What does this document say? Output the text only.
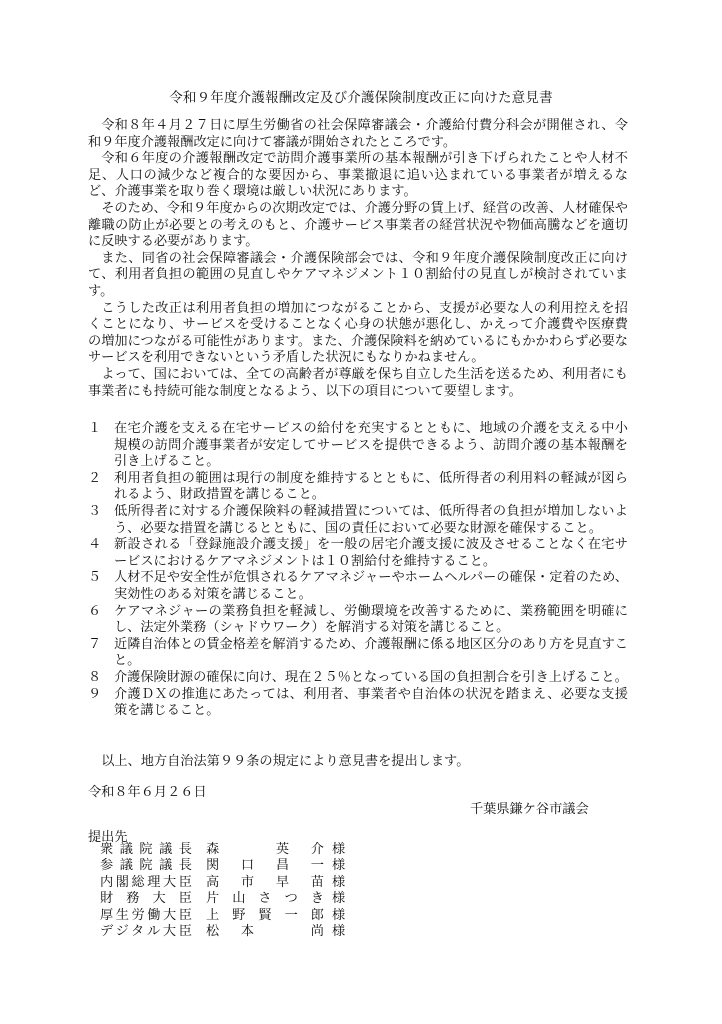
令和９年度介護報酬改定及び介護保険制度改正に向けた意見書

令和８年４月２７日に厚生労働省の社会保障審議会・介護給付費分科会が開催され、令和９年度介護報酬改定に向けて審議が開始されたところです。

令和６年度の介護報酬改定で訪問介護事業所の基本報酬が引き下げられたことや人材不足、人口の減少など複合的な要因から、事業撤退に追い込まれている事業者が増えるなど、介護事業を取り巻く環境は厳しい状況にあります。

そのため、令和９年度からの次期改定では、介護分野の賃上げ、経営の改善、人材確保や離職の防止が必要との考えのもと、介護サービス事業者の経営状況や物価高騰などを適切に反映する必要があります。

また、同省の社会保障審議会・介護保険部会では、令和９年度介護保険制度改正に向けて、利用者負担の範囲の見直しやケアマネジメント１０割給付の見直しが検討されています。

こうした改正は利用者負担の増加につながることから、支援が必要な人の利用控えを招くことになり、サービスを受けることなく心身の状態が悪化し、かえって介護費や医療費の増加につながる可能性があります。また、介護保険料を納めているにもかかわらず必要なサービスを利用できないという矛盾した状況にもなりかねません。

よって、国においては、全ての高齢者が尊厳を保ち自立した生活を送るため、利用者にも事業者にも持続可能な制度となるよう、以下の項目について要望します。

１ 在宅介護を支える在宅サービスの給付を充実するとともに、地域の介護を支える中小規模の訪問介護事業者が安定してサービスを提供できるよう、訪問介護の基本報酬を引き上げること。
２ 利用者負担の範囲は現行の制度を維持するとともに、低所得者の利用料の軽減が図られるよう、財政措置を講じること。
３ 低所得者に対する介護保険料の軽減措置については、低所得者の負担が増加しないよう、必要な措置を講じるとともに、国の責任において必要な財源を確保すること。
４ 新設される「登録施設介護支援」を一般の居宅介護支援に波及させることなく在宅サービスにおけるケアマネジメントは１０割給付を維持すること。
５ 人材不足や安全性が危惧されるケアマネジャーやホームヘルパーの確保・定着のため、実効性のある対策を講じること。
６ ケアマネジャーの業務負担を軽減し、労働環境を改善するために、業務範囲を明確にし、法定外業務（シャドウワーク）を解消する対策を講じること。
７ 近隣自治体との賃金格差を解消するため、介護報酬に係る地区区分のあり方を見直すこと。
８ 介護保険財源の確保に向け、現在２５％となっている国の負担割合を引き上げること。
９ 介護ＤＸの推進にあたっては、利用者、事業者や自治体の状況を踏まえ、必要な支援策を講じること。
以上、地方自治法第９９条の規定により意見書を提出します。
令和８年６月２６日
千葉県鎌ケ谷市議会
提出先
衆議院議長 森　英介 様
参議院議長 関口昌一 様
内閣総理大臣 高市早苗 様
財務大臣 片山さつき 様
厚生労働大臣 上野賢一郎 様
デジタル大臣 松本　尚 様
